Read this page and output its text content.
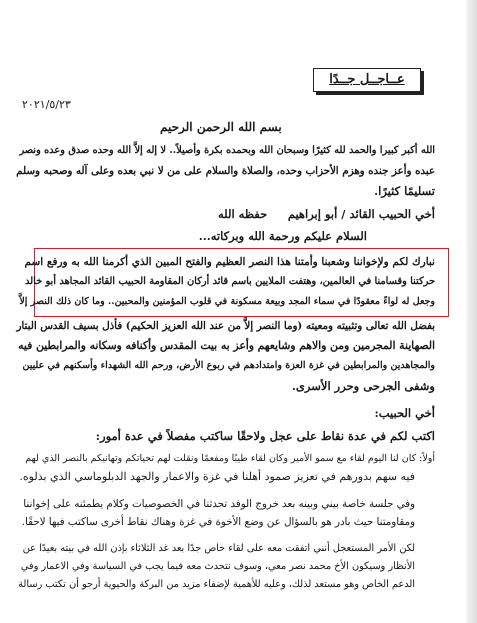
عــاجــل جــدًا
٢٠٢١/٥/٢٣
بسم الله الرحمن الرحيم
الله أكبر كبيرا والحمد لله كثيرًا وسبحان الله وبحمده بكرة وأصيلاً.. لا إله إلاَّ الله وحده صدق وعده ونصر
عبده وأعز جنده وهزم الأحزاب وحده، والصلاة والسلام على من لا نبي بعده وعلى آله وصحبه وسلم
تسليمًا كثيرًا.
أخي الحبيب القائد / أبو إبراهيم
حفظه الله
السلام عليكم ورحمة الله وبركاته...
نبارك لكم ولإخواننا وشعبنا وأمتنا هذا النصر العظيم والفتح المبين الذي أكرمنا الله به ورفع اسم
حركتنا وقسامنا في العالمين، وهتفت الملايين باسم قائد أركان المقاومة الحبيب القائد المجاهد أبو خالد
وجعل له لواءً معقودًا في سماء المجد وبيعة مسكونة في قلوب المؤمنين والمحبين.. وما كان ذلك النصر إلاَّ
بفضل الله تعالى وتثبيته ومعيته (وما النصر إلاَّ من عند الله العزيز الحكيم) فأذل بسيف القدس البتار
الصهاينة المجرمين ومن والاهم وشايعهم وأعز به بيت المقدس وأكنافه وسكانه والمرابطين فيه
والمجاهدين والمرابطين في غزة العزة وامتدادهم في ربوع الأرض، ورحم الله الشهداء وأسكنهم في عليين
وشفى الجرحى وحرر الأسرى.
أخي الحبيب:
اكتب لكم في عدة نقاط على عجل ولاحقًا ساكتب مفصلاً في عدة أمور:
أولاً: كان لنا اليوم لقاء مع سمو الأمير وكان لقاء طيبًا ومفعمًا ونقلت لهم تحياتكم وتهانيكم بالنصر الذي لهم
فيه سهم بدورهم في تعزيز صمود أهلنا في غزة والاعمار والجهد الدبلوماسي الذي بذلوه.
وفي جلسة خاصة بيني وبينه بعد خروج الوفد تحدثنا في الخصوصيات وكلام يطمئنه على إخواننا
ومقاومتنا حيث بادر هو بالسؤال عن وضع الأخوة في غزة وهناك نقاط أخرى ساكتب فيها لاحقًا.
لكن الأمر المستعجل أنني اتفقت معه على لقاء خاص جدًا بعد غد الثلاثاء بإذن الله في بيته بعيدًا عن
الأنظار وسيكون الأخ محمد نصر معي، وسوف نتحدث معه فيما يجب في السياسة وفي الاعمار وفي
الدعم الخاص وهو مستعد لذلك، وعليه للأهمية لإضفاء مزيد من البركة والحيوية أرجو أن تكتب رسالة
